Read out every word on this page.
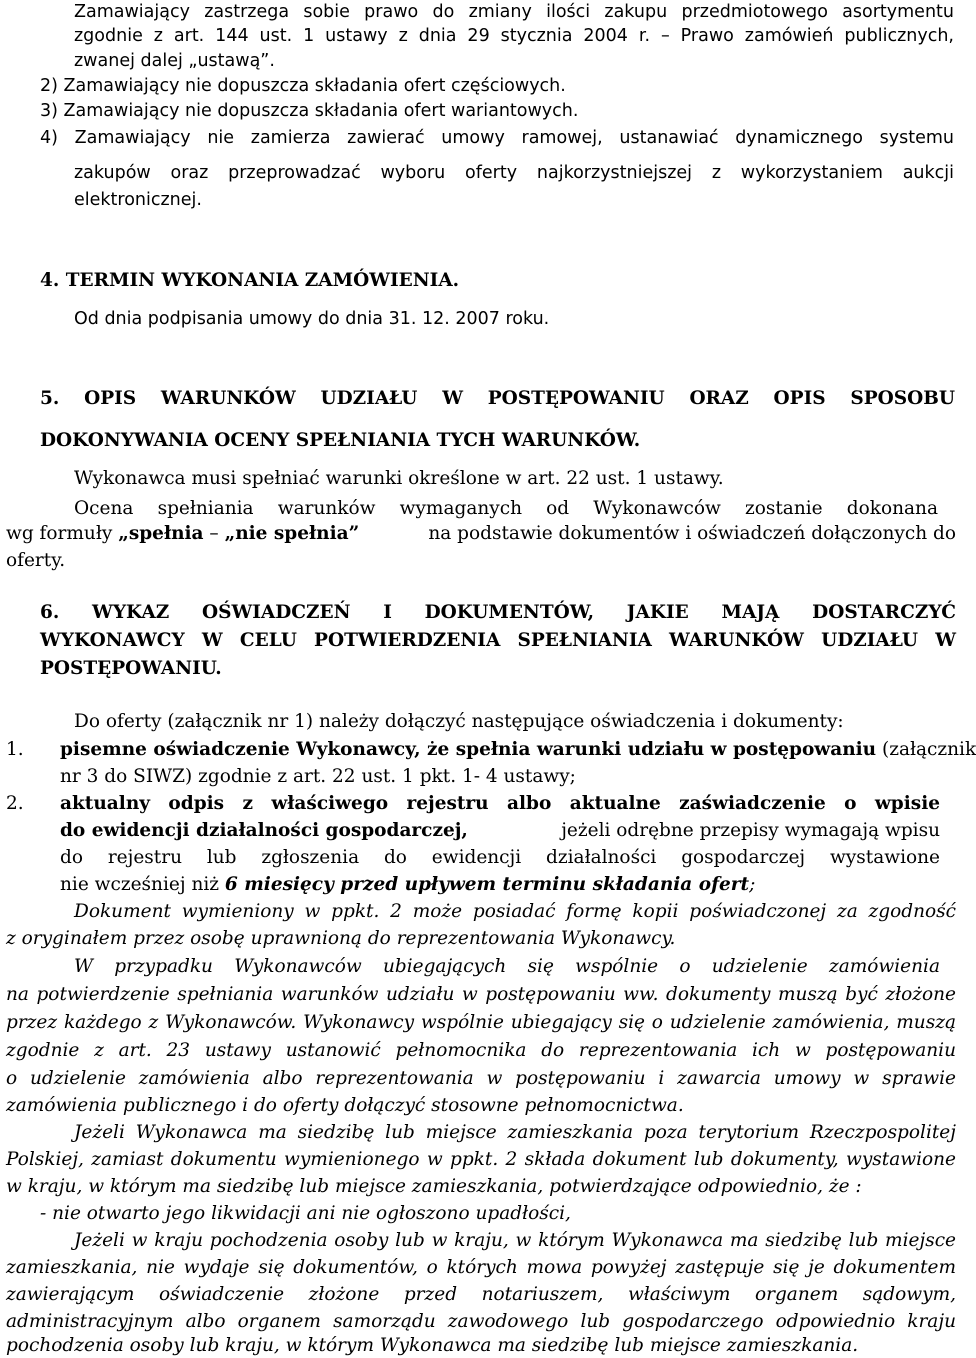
Zamawiający zastrzega sobie prawo do zmiany ilości zakupu przedmiotowego asortymentu
zgodnie z art. 144 ust. 1 ustawy z dnia 29 stycznia 2004 r. – Prawo zamówień publicznych,
zwanej dalej „ustawą”.
2) Zamawiający nie dopuszcza składania ofert częściowych.
3) Zamawiający nie dopuszcza składania ofert wariantowych.
4) Zamawiający nie zamierza zawierać umowy ramowej, ustanawiać dynamicznego systemu
zakupów oraz przeprowadzać wyboru oferty najkorzystniejszej z wykorzystaniem aukcji
elektronicznej.
4. TERMIN WYKONANIA ZAMÓWIENIA.
Od dnia podpisania umowy do dnia 31. 12. 2007 roku.
5. OPIS WARUNKÓW UDZIAŁU W POSTĘPOWANIU ORAZ OPIS SPOSOBU
DOKONYWANIA OCENY SPEŁNIANIA TYCH WARUNKÓW.
Wykonawca musi spełniać warunki określone w art. 22 ust. 1 ustawy.
Ocena spełniania warunków wymaganych od Wykonawców zostanie dokonana
wg formuły „spełnia – „nie spełnia”	na podstawie dokumentów i oświadczeń dołączonych do
oferty.
6. WYKAZ OŚWIADCZEŃ I DOKUMENTÓW, JAKIE MAJĄ DOSTARCZYĆ
WYKONAWCY W CELU POTWIERDZENIA SPEŁNIANIA WARUNKÓW UDZIAŁU W
POSTĘPOWANIU.
Do oferty (załącznik nr 1) należy dołączyć następujące oświadczenia i dokumenty:
1. pisemne oświadczenie Wykonawcy, że spełnia warunki udziału w postępowaniu (załącznik
nr 3 do SIWZ) zgodnie z art. 22 ust. 1 pkt. 1- 4 ustawy;
2. aktualny odpis z właściwego rejestru albo aktualne zaświadczenie o wpisie
do ewidencji działalności gospodarczej,	jeżeli odrębne przepisy wymagają wpisu
do rejestru lub zgłoszenia do ewidencji działalności gospodarczej wystawione
nie wcześniej niż 6 miesięcy przed upływem terminu składania ofert;
Dokument wymieniony w ppkt. 2 może posiadać formę kopii poświadczonej za zgodność
z oryginałem przez osobę uprawnioną do reprezentowania Wykonawcy.
W przypadku Wykonawców ubiegających się wspólnie o udzielenie zamówienia
na potwierdzenie spełniania warunków udziału w postępowaniu ww. dokumenty muszą być złożone
przez każdego z Wykonawców. Wykonawcy wspólnie ubiegający się o udzielenie zamówienia, muszą
zgodnie z art. 23 ustawy ustanowić pełnomocnika do reprezentowania ich w postępowaniu
o udzielenie zamówienia albo reprezentowania w postępowaniu i zawarcia umowy w sprawie
zamówienia publicznego i do oferty dołączyć stosowne pełnomocnictwa.
Jeżeli Wykonawca ma siedzibę lub miejsce zamieszkania poza terytorium Rzeczpospolitej
Polskiej, zamiast dokumentu wymienionego w ppkt. 2 składa dokument lub dokumenty, wystawione
w kraju, w którym ma siedzibę lub miejsce zamieszkania, potwierdzające odpowiednio, że :
- nie otwarto jego likwidacji ani nie ogłoszono upadłości,
Jeżeli w kraju pochodzenia osoby lub w kraju, w którym Wykonawca ma siedzibę lub miejsce
zamieszkania, nie wydaje się dokumentów, o których mowa powyżej zastępuje się je dokumentem
zawierającym oświadczenie złożone przed notariuszem, właściwym organem sądowym,
administracyjnym albo organem samorządu zawodowego lub gospodarczego odpowiednio kraju
pochodzenia osoby lub kraju, w którym Wykonawca ma siedzibę lub miejsce zamieszkania.
